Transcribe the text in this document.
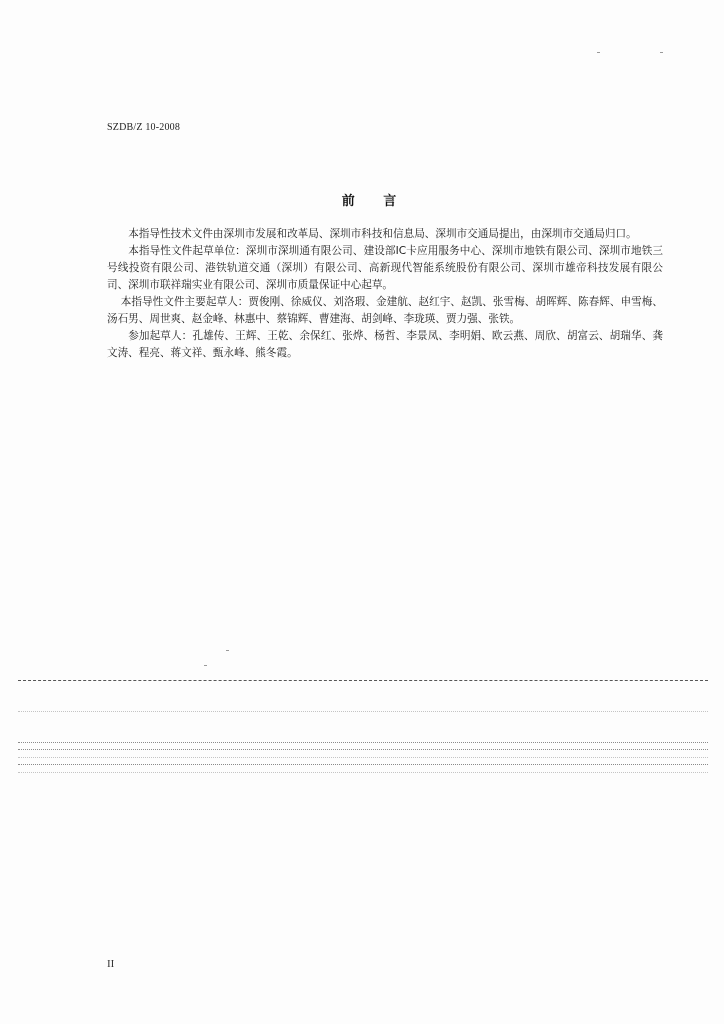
SZDB/Z 10-2008
前 言

本指导性技术文件由深圳市发展和改革局、深圳市科技和信息局、深圳市交通局提出，由深圳市交通局归口。

本指导性文件起草单位：深圳市深圳通有限公司、建设部IC卡应用服务中心、深圳市地铁有限公司、深圳市地铁三号线投资有限公司、港铁轨道交通（深圳）有限公司、高新现代智能系统股份有限公司、深圳市雄帝科技发展有限公司、深圳市联祥瑞实业有限公司、深圳市质量保证中心起草。

本指导性文件主要起草人：贾俊刚、徐威仪、刘洛瑕、金建航、赵红宇、赵凯、张雪梅、胡晖辉、陈春辉、申雪梅、汤石男、周世爽、赵金峰、林惠中、蔡锦辉、曹建海、胡剑峰、李珑瑛、贾力强、张铁。

参加起草人：孔雄传、王辉、王乾、余保红、张烨、杨哲、李景凤、李明娟、欧云燕、周欣、胡富云、胡瑞华、龚文涛、程亮、蒋文祥、甄永峰、熊冬霞。

II
